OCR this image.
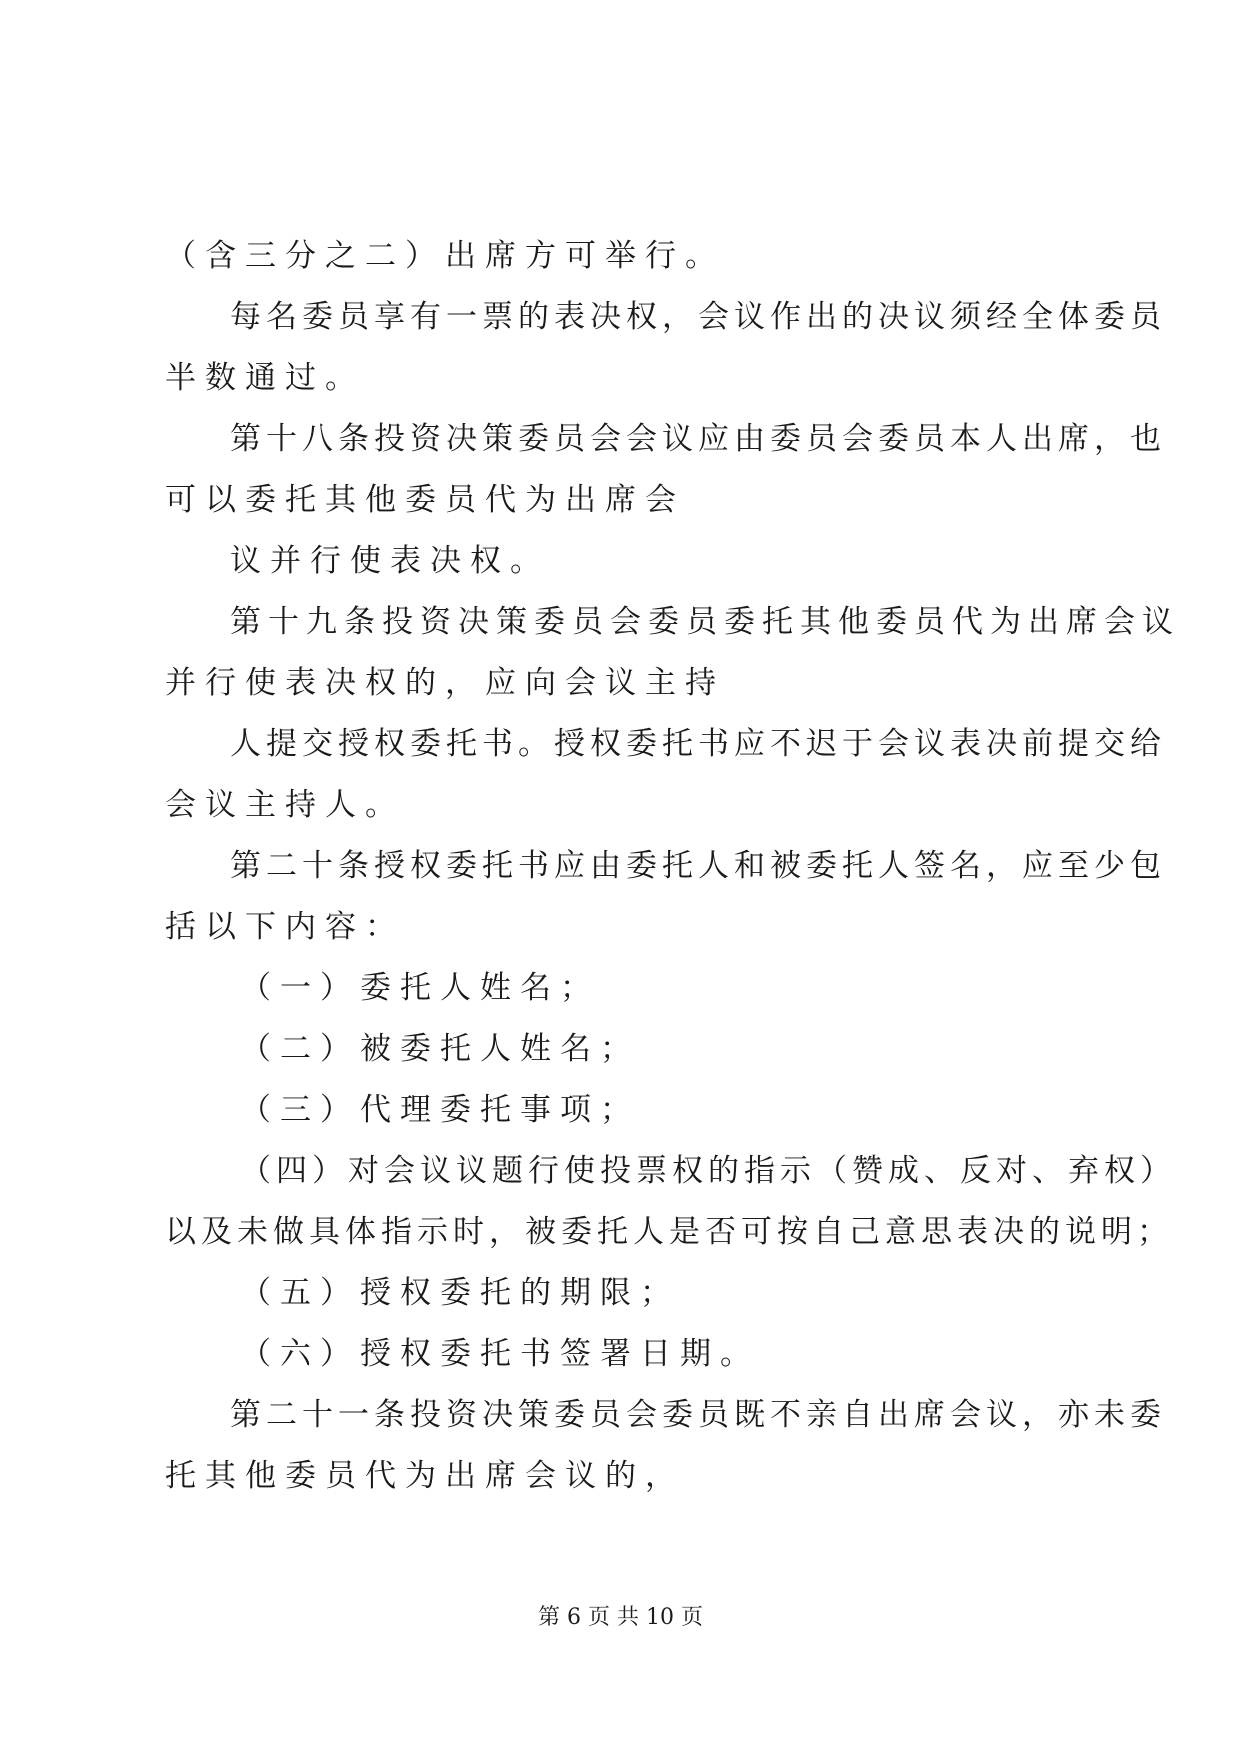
（含三分之二）出席方可举行。
每名委员享有一票的表决权，会议作出的决议须经全体委员
半数通过。
第十八条投资决策委员会会议应由委员会委员本人出席，也
可以委托其他委员代为出席会
议并行使表决权。
第十九条投资决策委员会委员委托其他委员代为出席会议
并行使表决权的，应向会议主持
人提交授权委托书。授权委托书应不迟于会议表决前提交给
会议主持人。
第二十条授权委托书应由委托人和被委托人签名，应至少包
括以下内容：
（一）委托人姓名；
（二）被委托人姓名；
（三）代理委托事项；
（四）对会议议题行使投票权的指示（赞成、反对、弃权）
以及未做具体指示时，被委托人是否可按自己意思表决的说明；
（五）授权委托的期限；
（六）授权委托书签署日期。
第二十一条投资决策委员会委员既不亲自出席会议，亦未委
托其他委员代为出席会议的，
第 6 页 共 10 页
